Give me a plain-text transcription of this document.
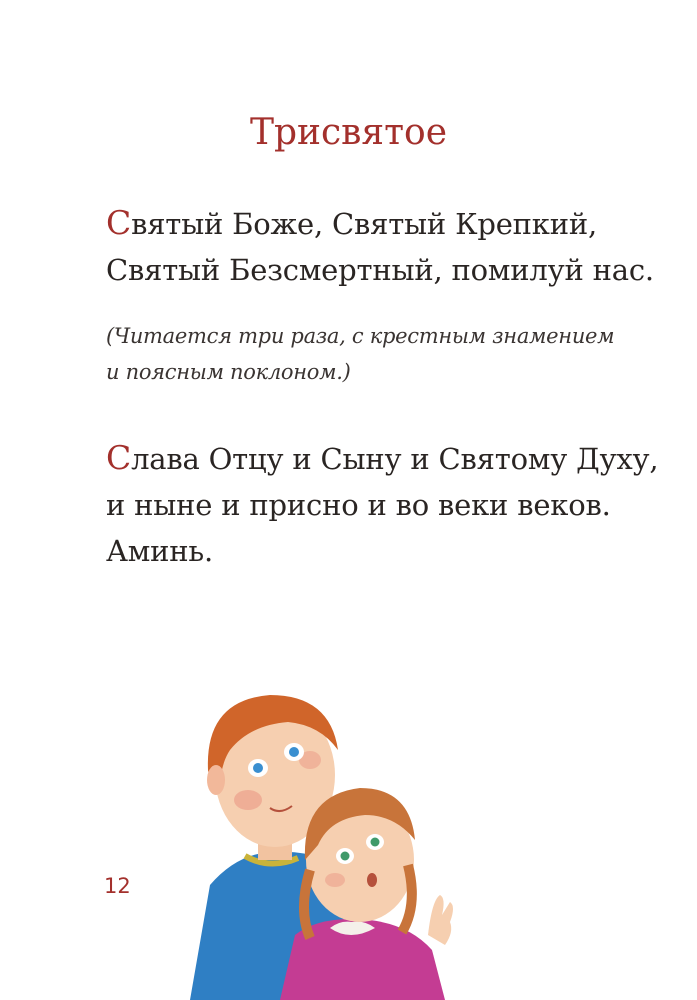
Трисвятое
Святый Боже, Святый Крепкий,
Святый Безсмертный, помилуй нас.
(Читается три раза, с крестным знамением
и поясным поклоном.)
Слава Отцу и Сыну и Святому Духу,
и ныне и присно и во веки веков.
Аминь.
12
